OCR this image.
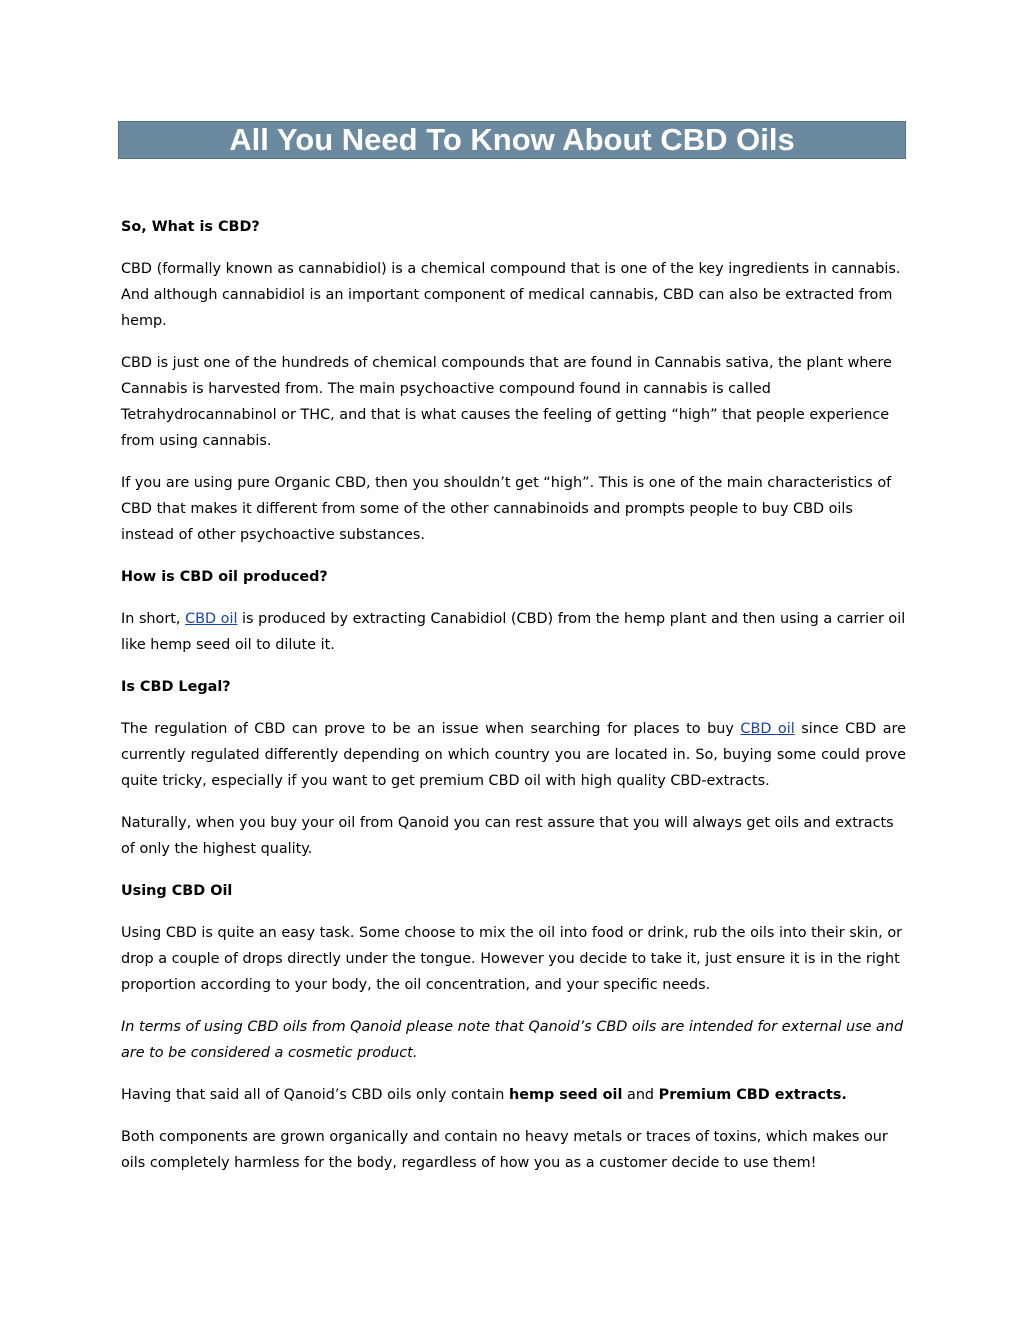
All You Need To Know About CBD Oils
So, What is CBD?

CBD (formally known as cannabidiol) is a chemical compound that is one of the key ingredients in cannabis. And although cannabidiol is an important component of medical cannabis, CBD can also be extracted from hemp.

CBD is just one of the hundreds of chemical compounds that are found in Cannabis sativa, the plant where Cannabis is harvested from. The main psychoactive compound found in cannabis is called Tetrahydrocannabinol or THC, and that is what causes the feeling of getting “high” that people experience from using cannabis.

If you are using pure Organic CBD, then you shouldn’t get “high”. This is one of the main characteristics of CBD that makes it different from some of the other cannabinoids and prompts people to buy CBD oils instead of other psychoactive substances.

How is CBD oil produced?

In short, CBD oil is produced by extracting Canabidiol (CBD) from the hemp plant and then using a carrier oil like hemp seed oil to dilute it.

Is CBD Legal?

The regulation of CBD can prove to be an issue when searching for places to buy CBD oil since CBD are currently regulated differently depending on which country you are located in. So, buying some could prove quite tricky, especially if you want to get premium CBD oil with high quality CBD-extracts.

Naturally, when you buy your oil from Qanoid you can rest assure that you will always get oils and extracts of only the highest quality.

Using CBD Oil

Using CBD is quite an easy task. Some choose to mix the oil into food or drink, rub the oils into their skin, or drop a couple of drops directly under the tongue. However you decide to take it, just ensure it is in the right proportion according to your body, the oil concentration, and your specific needs.

In terms of using CBD oils from Qanoid please note that Qanoid’s CBD oils are intended for external use and are to be considered a cosmetic product.

Having that said all of Qanoid’s CBD oils only contain hemp seed oil and Premium CBD extracts.

Both components are grown organically and contain no heavy metals or traces of toxins, which makes our oils completely harmless for the body, regardless of how you as a customer decide to use them!
